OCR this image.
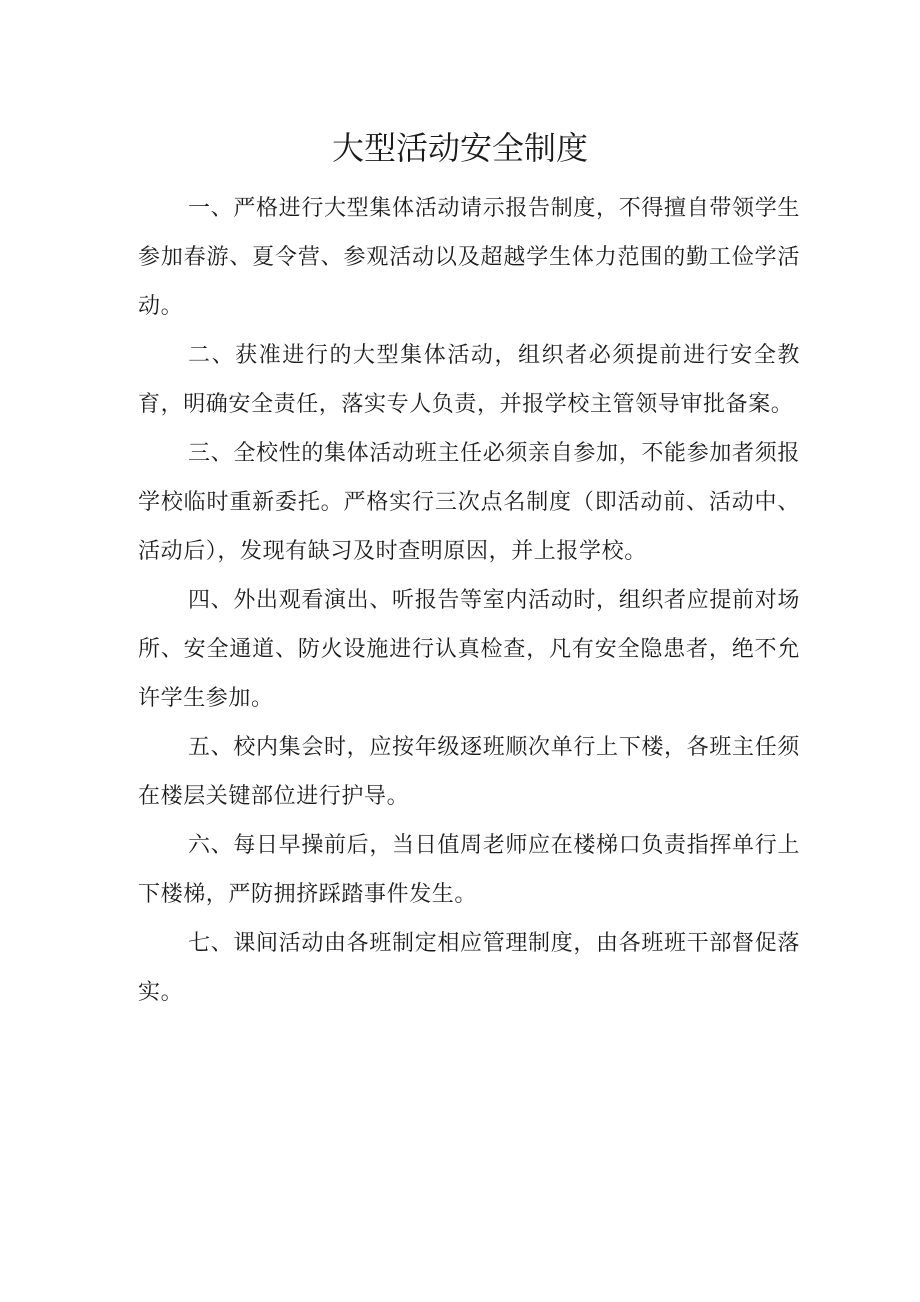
大型活动安全制度

一、严格进行大型集体活动请示报告制度，不得擅自带领学生参加春游、夏令营、参观活动以及超越学生体力范围的勤工俭学活动。

二、获准进行的大型集体活动，组织者必须提前进行安全教育，明确安全责任，落实专人负责，并报学校主管领导审批备案。

三、全校性的集体活动班主任必须亲自参加，不能参加者须报学校临时重新委托。严格实行三次点名制度（即活动前、活动中、活动后），发现有缺习及时查明原因，并上报学校。

四、外出观看演出、听报告等室内活动时，组织者应提前对场所、安全通道、防火设施进行认真检查，凡有安全隐患者，绝不允许学生参加。

五、校内集会时，应按年级逐班顺次单行上下楼，各班主任须在楼层关键部位进行护导。

六、每日早操前后，当日值周老师应在楼梯口负责指挥单行上下楼梯，严防拥挤踩踏事件发生。

七、课间活动由各班制定相应管理制度，由各班班干部督促落实。
